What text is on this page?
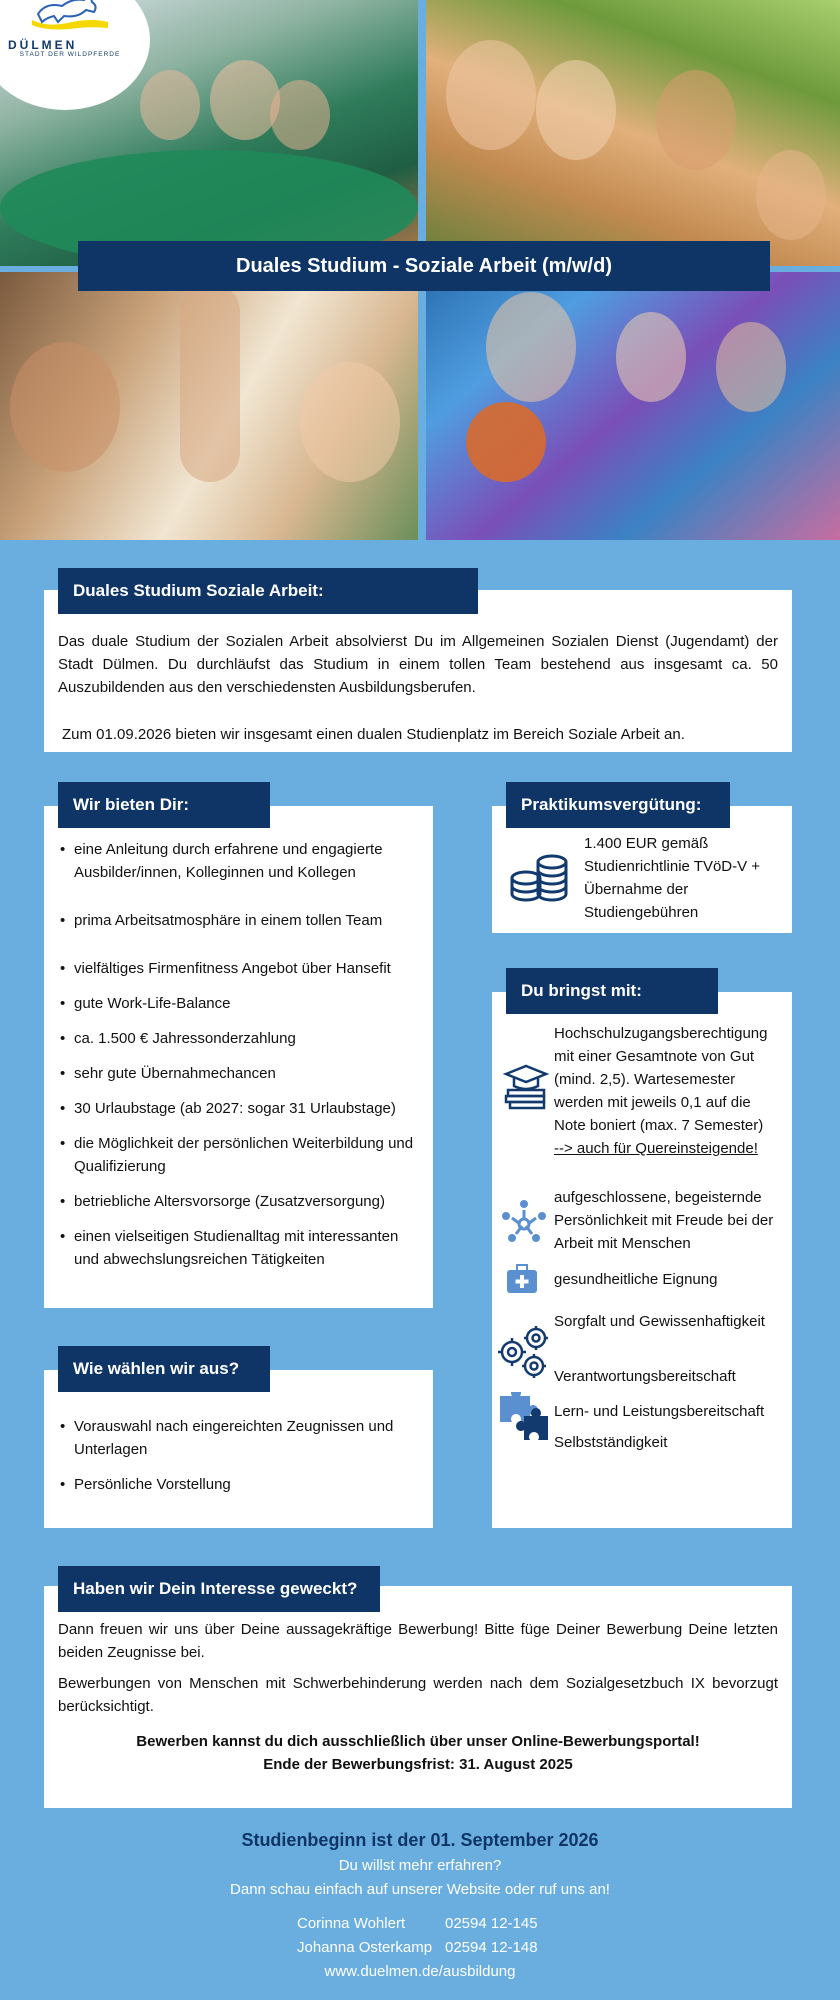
DÜLMEN
STADT DER WILDPFERDE
Duales Studium - Soziale Arbeit (m/w/d)

Das duale Studium der Sozialen Arbeit absolvierst Du im Allgemeinen Sozialen Dienst (Jugendamt) der Stadt Dülmen. Du durchläufst das Studium in einem tollen Team bestehend aus insgesamt ca. 50 Auszubildenden aus den verschiedensten Ausbildungsberufen.

Zum 01.09.2026 bieten wir insgesamt einen dualen Studienplatz im Bereich Soziale Arbeit an.

Duales Studium Soziale Arbeit:
• eine Anleitung durch erfahrene und engagierte Ausbilder/innen, Kolleginnen und Kollegen
• prima Arbeitsatmosphäre in einem tollen Team
• vielfältiges Firmenfitness Angebot über Hansefit
• gute Work-Life-Balance
• ca. 1.500 € Jahressonderzahlung
• sehr gute Übernahmechancen
• 30 Urlaubstage (ab 2027: sogar 31 Urlaubstage)
• die Möglichkeit der persönlichen Weiterbildung und Qualifizierung
• betriebliche Altersvorsorge (Zusatzversorgung)
• einen vielseitigen Studienalltag mit interessanten und abwechslungsreichen Tätigkeiten
Wir bieten Dir:
1.400 EUR gemäß Studienrichtlinie TVöD-V + Übernahme der Studiengebühren
Praktikumsvergütung:
Hochschulzugangsberechtigung mit einer Gesamtnote von Gut (mind. 2,5). Wartesemester werden mit jeweils 0,1 auf die Note boniert (max. 7 Semester)
--> auch für Quereinsteigende!
aufgeschlossene, begeisternde Persönlichkeit mit Freude bei der Arbeit mit Menschen
gesundheitliche Eignung
Sorgfalt und Gewissenhaftigkeit
Verantwortungsbereitschaft
Lern- und Leistungsbereitschaft
Selbstständigkeit
Du bringst mit:
• Vorauswahl nach eingereichten Zeugnissen und Unterlagen
• Persönliche Vorstellung
Wie wählen wir aus?

Dann freuen wir uns über Deine aussagekräftige Bewerbung! Bitte füge Deiner Bewerbung Deine letzten beiden Zeugnisse bei.

Bewerbungen von Menschen mit Schwerbehinderung werden nach dem Sozialgesetzbuch IX bevorzugt berücksichtigt.

Bewerben kannst du dich ausschließlich über unser Online-Bewerbungsportal!
Ende der Bewerbungsfrist: 31. August 2025
Haben wir Dein Interesse geweckt?
Studienbeginn ist der 01. September 2026
Du willst mehr erfahren?
Dann schau einfach auf unserer Website oder ruf uns an!
Corinna Wohlert	02594 12-145
Johanna Osterkamp 02594 12-148
www.duelmen.de/ausbildung
